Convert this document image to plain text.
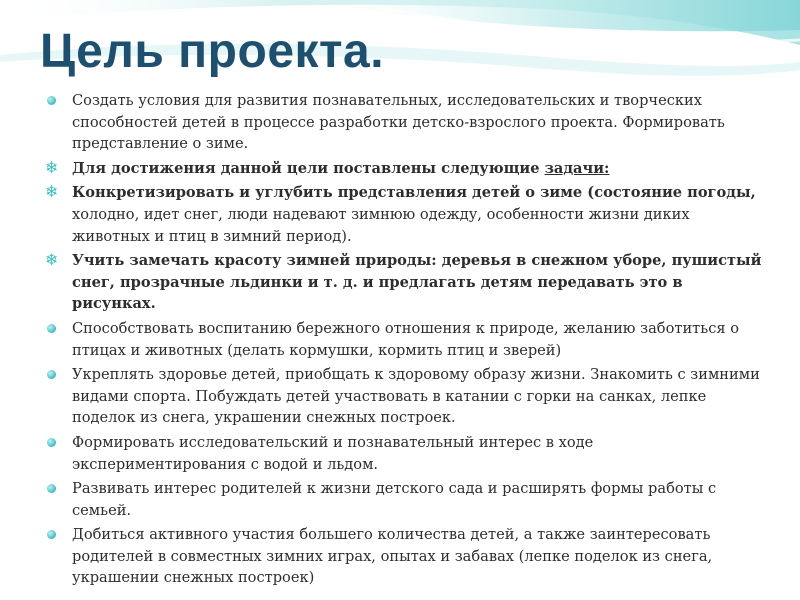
Цель проекта.
Создать условия для развития познавательных, исследовательских и творческих способностей детей в процессе разработки детско-взрослого проекта. Формировать представление о зиме.
❄ Для достижения данной цели поставлены следующие задачи:
❄ Конкретизировать и углубить представления детей о зиме (состояние погоды, холодно, идет снег, люди надевают зимнюю одежду, особенности жизни диких животных и птиц в зимний период).
❄ Учить замечать красоту зимней природы: деревья в снежном уборе, пушистый снег, прозрачные льдинки и т. д. и предлагать детям передавать это в рисунках.
Способствовать воспитанию бережного отношения к природе, желанию заботиться о птицах и животных (делать кормушки, кормить птиц и зверей)
Укреплять здоровье детей, приобщать к здоровому образу жизни. Знакомить с зимними видами спорта. Побуждать детей участвовать в катании с горки на санках, лепке поделок из снега, украшении снежных построек.
Формировать исследовательский и познавательный интерес в ходе экспериментирования с водой и льдом.
Развивать интерес родителей к жизни детского сада и расширять формы работы с семьей.
Добиться активного участия большего количества детей, а также заинтересовать родителей в совместных зимних играх, опытах и забавах (лепке поделок из снега, украшении снежных построек)
